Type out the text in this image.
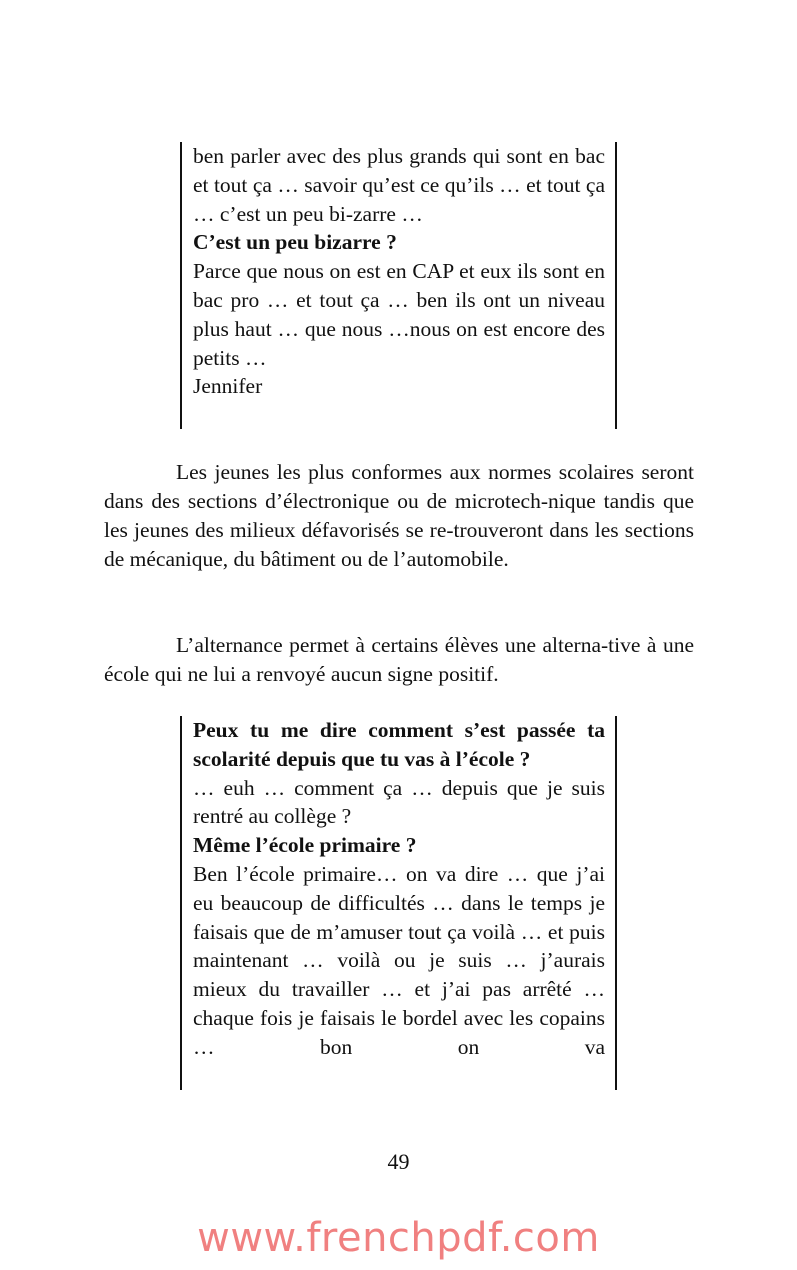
ben parler avec des plus grands qui sont en bac et tout ça … savoir qu’est ce qu’ils … et tout ça … c’est un peu bi-zarre …

C’est un peu bizarre ?

Parce que nous on est en CAP et eux ils sont en bac pro … et tout ça … ben ils ont un niveau plus haut … que nous …nous on est encore des petits …

Jennifer

Les jeunes les plus conformes aux normes scolaires seront dans des sections d’électronique ou de microtech-nique tandis que les jeunes des milieux défavorisés se re-trouveront dans les sections de mécanique, du bâtiment ou de l’automobile.

L’alternance permet à certains élèves une alterna-tive à une école qui ne lui a renvoyé aucun signe positif.

Peux tu me dire comment s’est passée ta scolarité depuis que tu vas à l’école ?

… euh … comment ça … depuis que je suis rentré au collège ?

Même l’école primaire ?

Ben l’école primaire… on va dire … que j’ai eu beaucoup de difficultés … dans le temps je faisais que de m’amuser tout ça voilà … et puis maintenant … voilà ou je suis … j’aurais mieux du travailler … et j’ai pas arrêté … chaque fois je faisais le bordel avec les copains … bon on va

49
www.frenchpdf.com
